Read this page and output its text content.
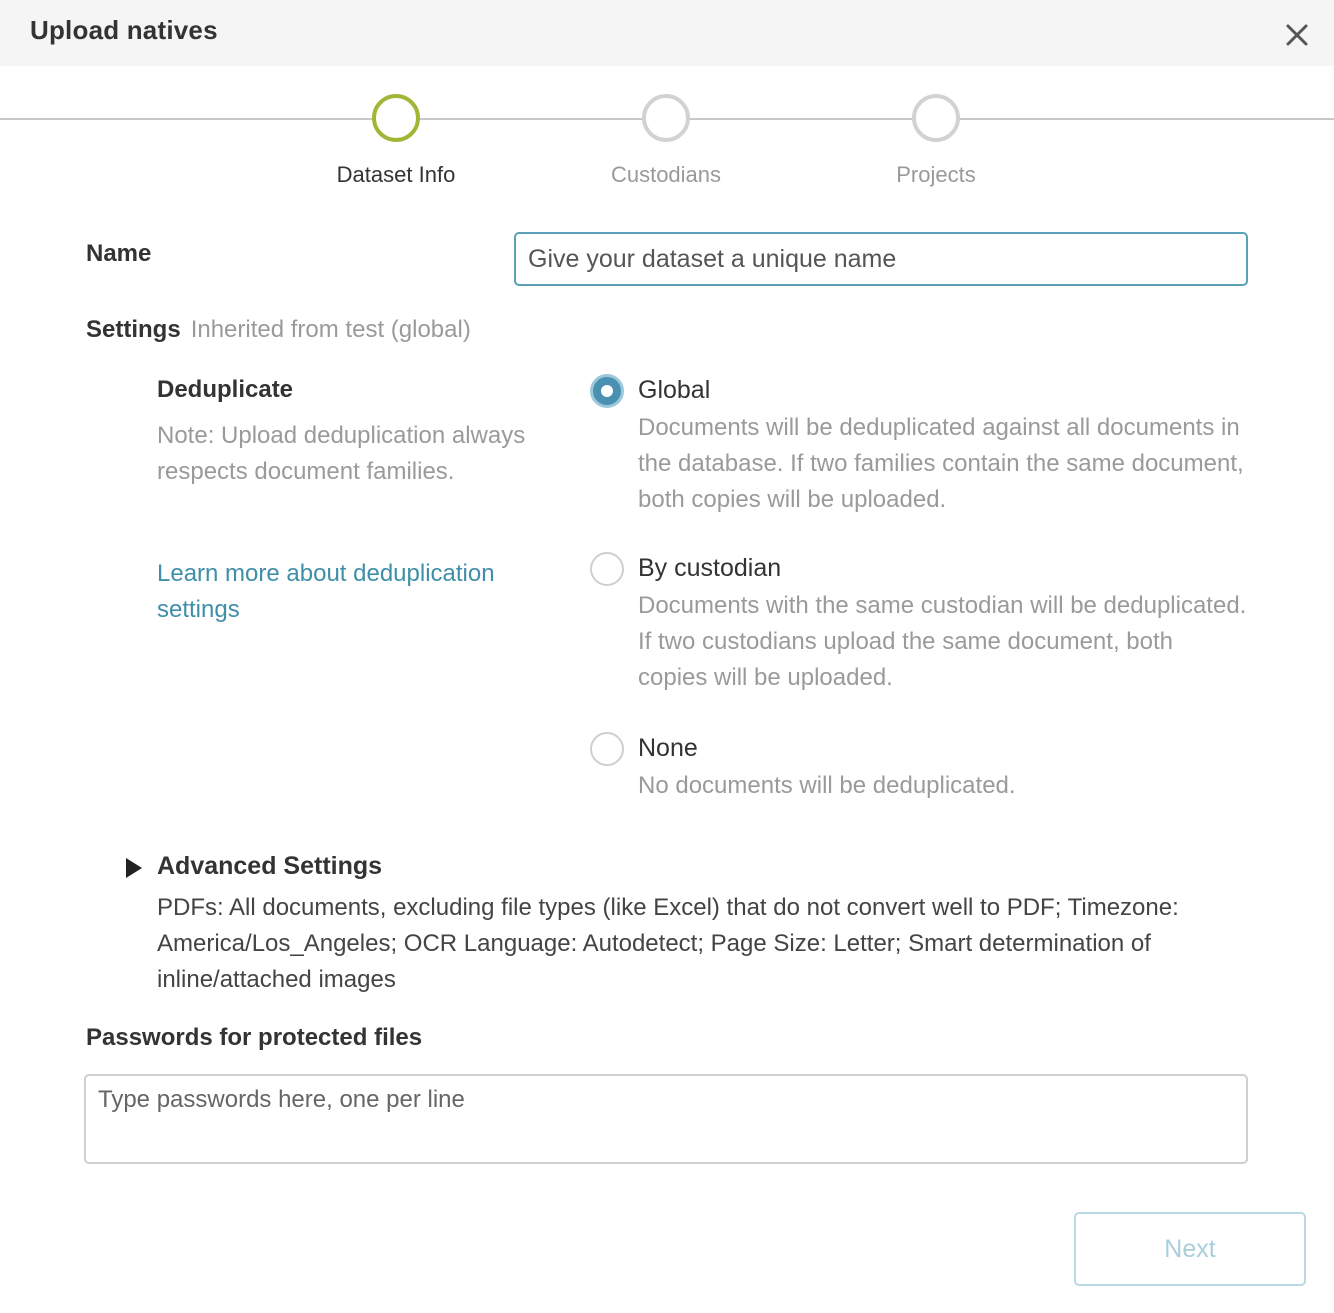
Upload natives
Dataset Info	Custodians	Projects
Name
Give your dataset a unique name
Settings Inherited from test (global)
Deduplicate
Note: Upload deduplication always respects document families.
Learn more about deduplication settings
Global
Documents will be deduplicated against all documents in the database. If two families contain the same document, both copies will be uploaded.
By custodian
Documents with the same custodian will be deduplicated. If two custodians upload the same document, both copies will be uploaded.
None
No documents will be deduplicated.
Advanced Settings
PDFs: All documents, excluding file types (like Excel) that do not convert well to PDF; Timezone: America/Los_Angeles; OCR Language: Autodetect; Page Size: Letter; Smart determination of inline/attached images
Passwords for protected files
Type passwords here, one per line
Next
